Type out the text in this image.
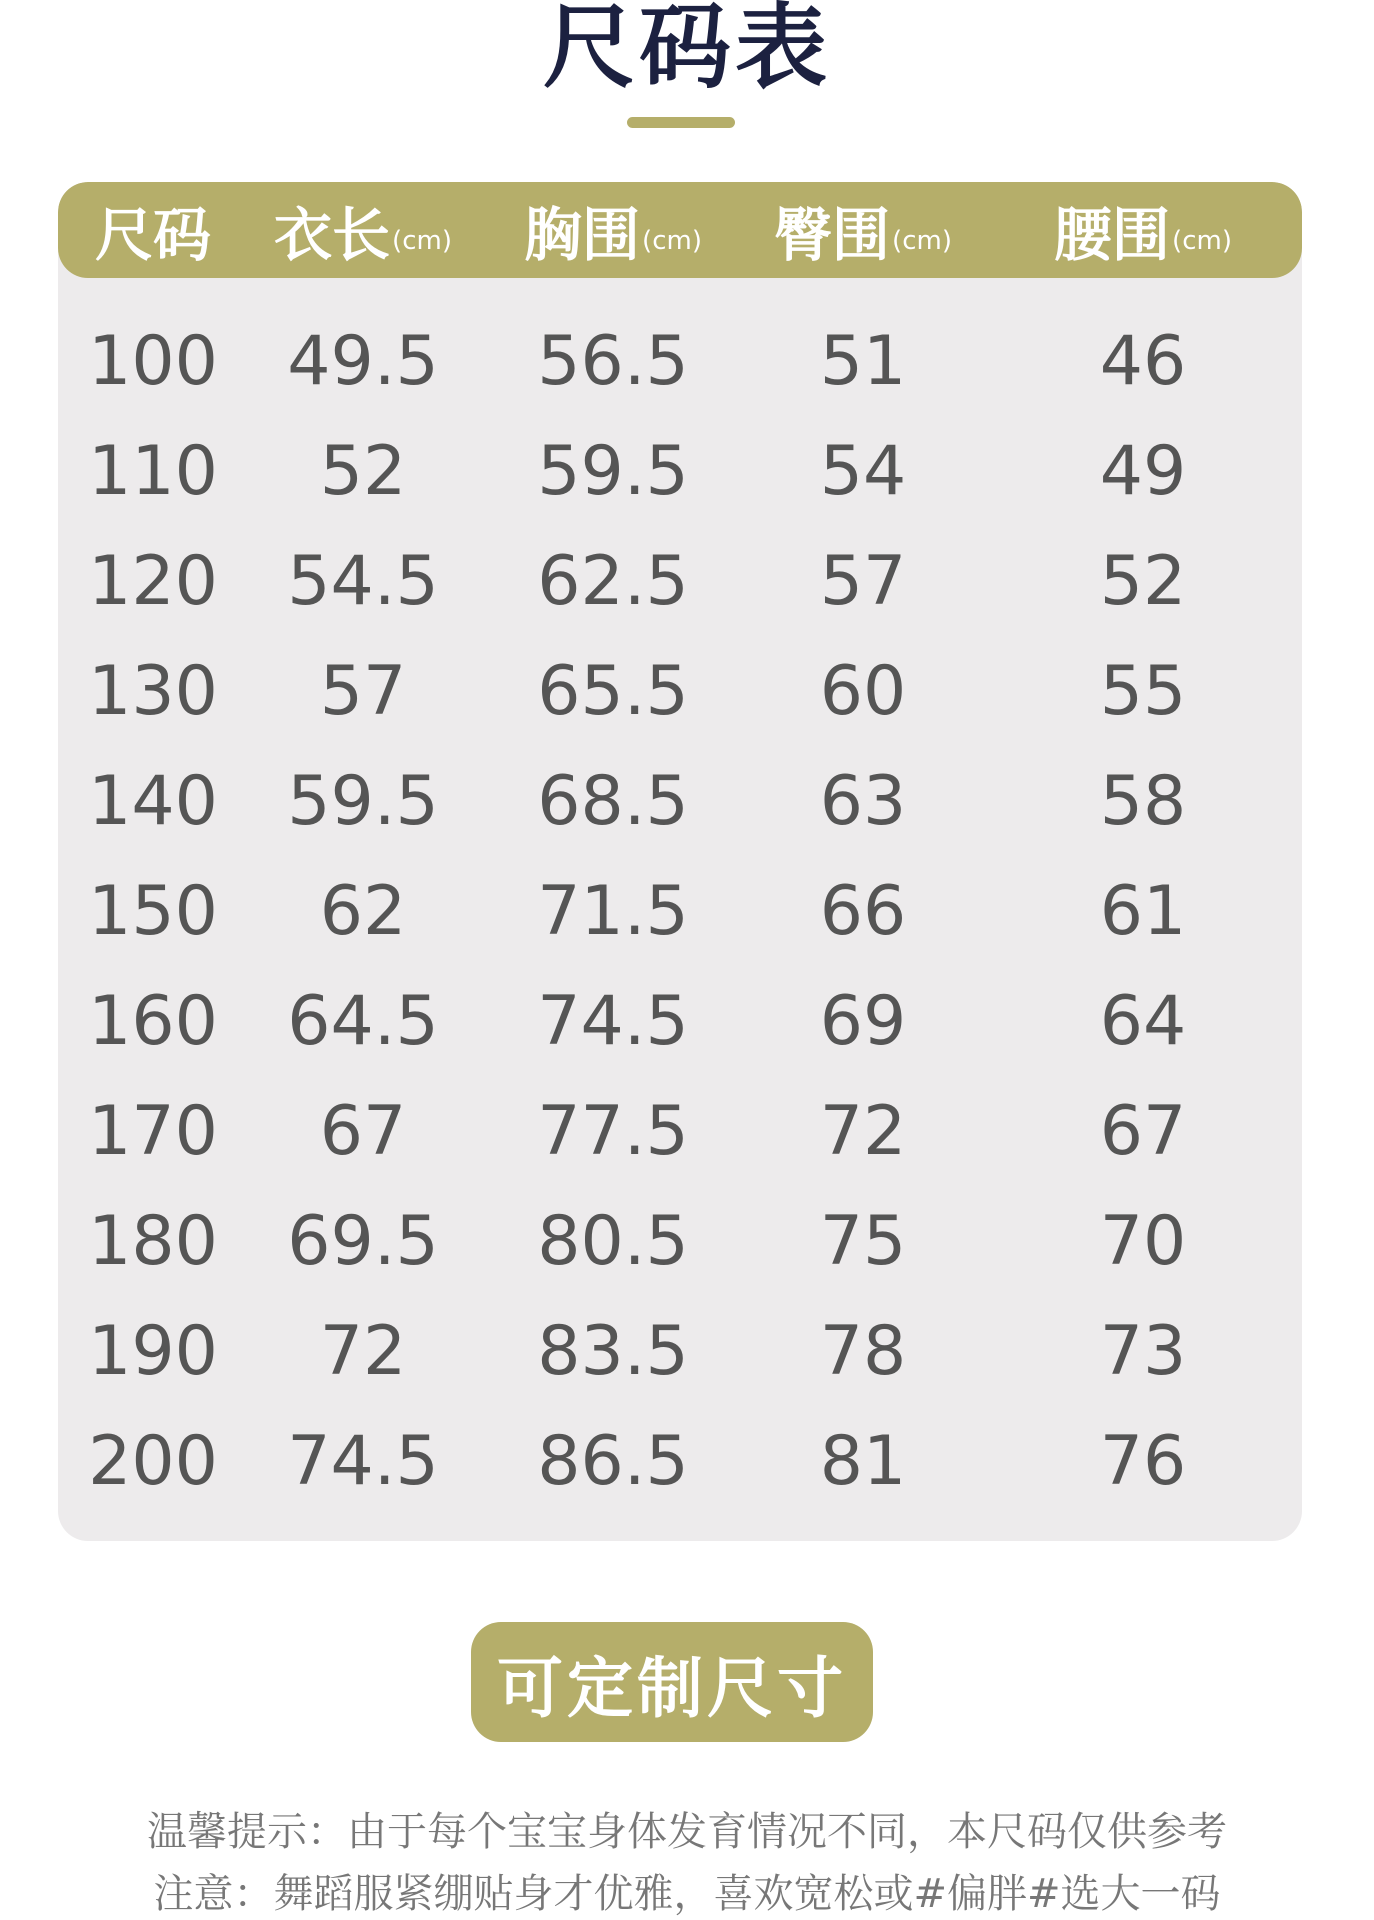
尺码表
尺码 衣长 (cm) 胸围 (cm) 臀围 (cm) 腰围 (cm)
100	49.5	56.5	51	46
110	52	59.5	54	49
120	54.5	62.5	57	52
130	57	65.5	60	55
140	59.5	68.5	63	58
150	62	71.5	66	61
160	64.5	74.5	69	64
170	67	77.5	72	67
180	69.5	80.5	75	70
190	72	83.5	78	73
200	74.5	86.5	81	76
可定制尺寸
温馨提示：由于每个宝宝身体发育情况不同，本尺码仅供参考
注意：舞蹈服紧绷贴身才优雅，喜欢宽松或#偏胖#选大一码
